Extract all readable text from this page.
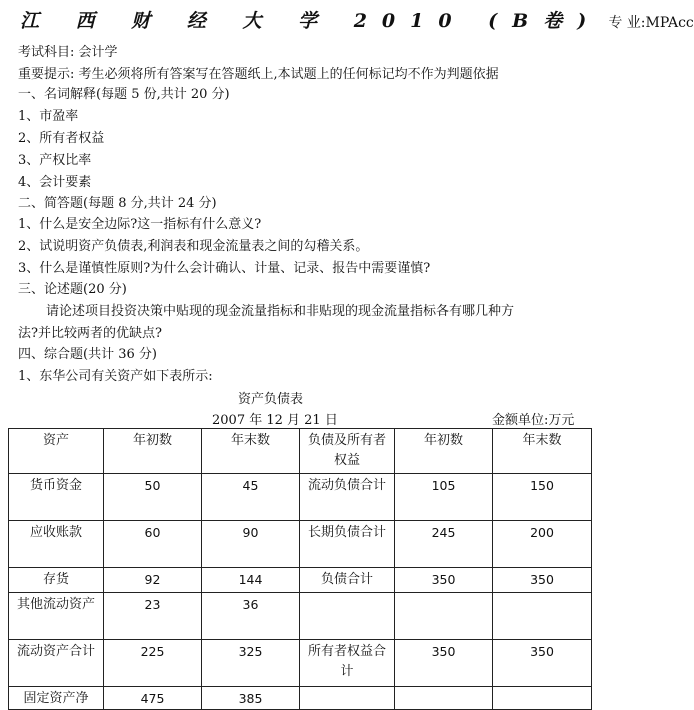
江 西 财 经 大 学 2010 (B卷) 专 业:MPAcc
考试科目: 会计学
重要提示: 考生必须将所有答案写在答题纸上,本试题上的任何标记均不作为判题依据
一、名词解释(每题 5 份,共计 20 分)
1、市盈率
2、所有者权益
3、产权比率
4、会计要素
二、简答题(每题 8 分,共计 24 分)
1、什么是安全边际?这一指标有什么意义?
2、试说明资产负债表,利润表和现金流量表之间的勾稽关系。
3、什么是谨慎性原则?为什么会计确认、计量、记录、报告中需要谨慎?
三、论述题(20 分)
请论述项目投资决策中贴现的现金流量指标和非贴现的现金流量指标各有哪几种方
法?并比较两者的优缺点?
四、综合题(共计 36 分)
1、东华公司有关资产如下表所示:
资产负债表
2007 年 12 月 21 日	金额单位:万元
资产	年初数	年末数	负债及所有者权益	年初数	年末数
货币资金	50	45	流动负债合计	105	150
应收账款	60	90	长期负债合计	245	200
存货	92	144	负债合计	350	350
其他流动资产	23	36			
流动资产合计	225	325	所有者权益合计	350	350
固定资产净	475	385			
